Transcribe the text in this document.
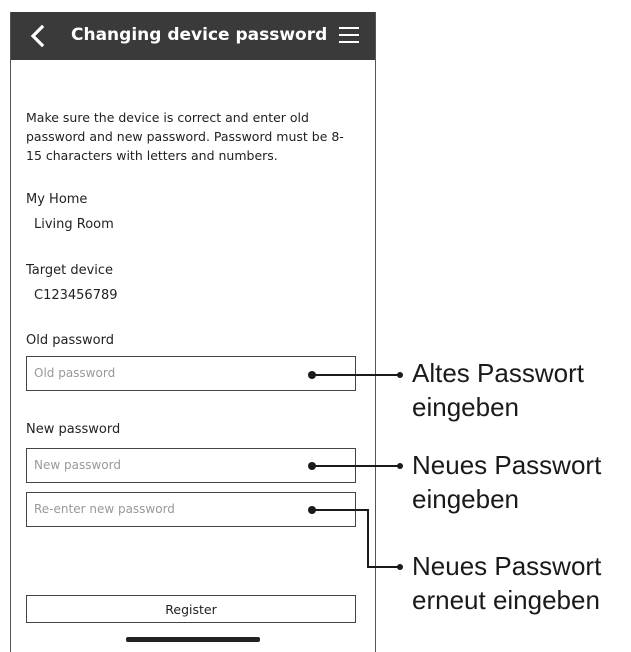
Changing device password
Make sure the device is correct and enter old password and new password. Password must be 8-15 characters with letters and numbers.
My Home
Living Room
Target device
C123456789
Old password
New password
Register
Altes Passwort
eingeben
Neues Passwort
eingeben
Neues Passwort
erneut eingeben
